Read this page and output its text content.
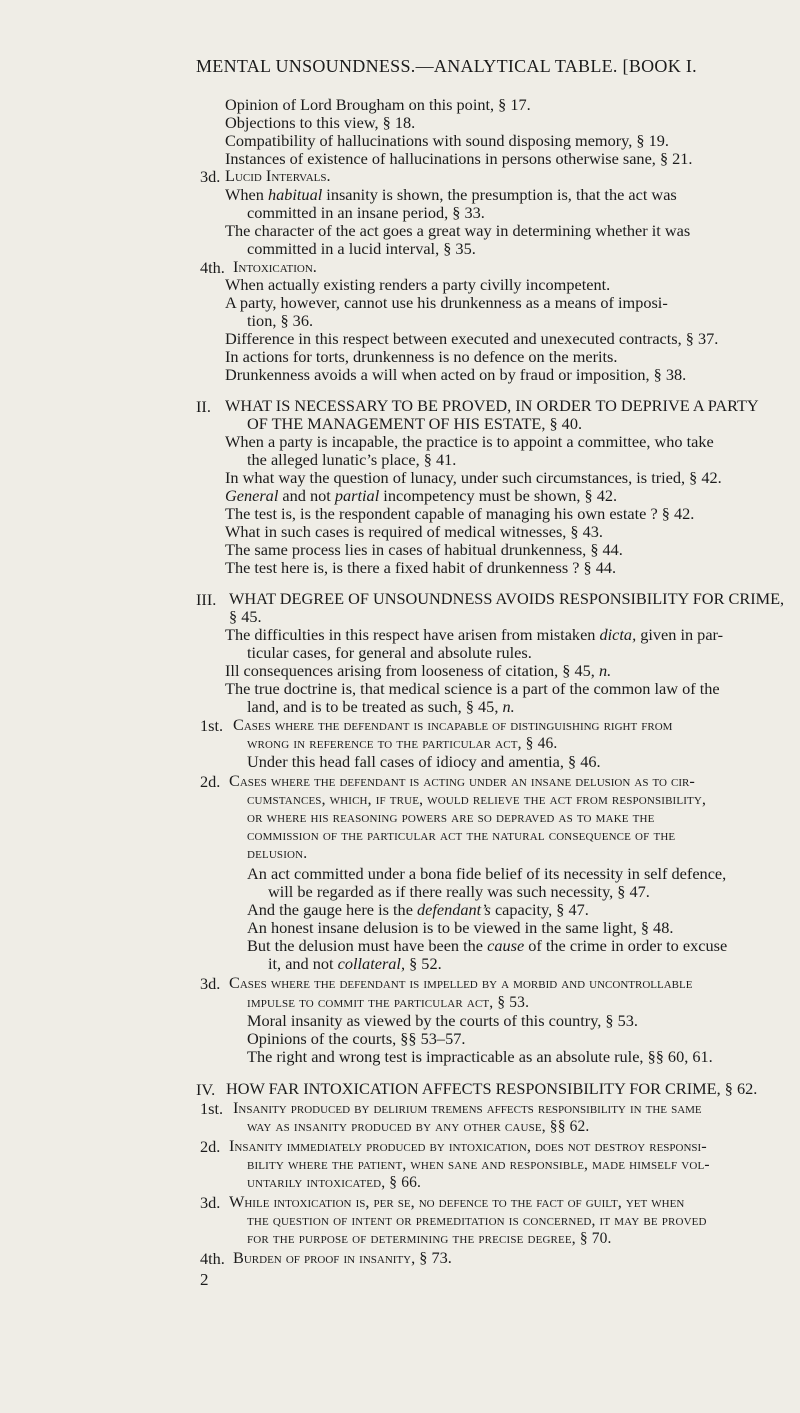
MENTAL UNSOUNDNESS.—ANALYTICAL TABLE. [BOOK I.
Opinion of Lord Brougham on this point, § 17.
Objections to this view, § 18.
Compatibility of hallucinations with sound disposing memory, § 19.
Instances of existence of hallucinations in persons otherwise sane, § 21.
3d. Lucid Intervals.
When habitual insanity is shown, the presumption is, that the act was
committed in an insane period, § 33.
The character of the act goes a great way in determining whether it was
committed in a lucid interval, § 35.
4th. Intoxication.
When actually existing renders a party civilly incompetent.
A party, however, cannot use his drunkenness as a means of imposi-
tion, § 36.
Difference in this respect between executed and unexecuted contracts, § 37.
In actions for torts, drunkenness is no defence on the merits.
Drunkenness avoids a will when acted on by fraud or imposition, § 38.
II. WHAT IS NECESSARY TO BE PROVED, IN ORDER TO DEPRIVE A PARTY
OF THE MANAGEMENT OF HIS ESTATE, § 40.
When a party is incapable, the practice is to appoint a committee, who take
the alleged lunatic’s place, § 41.
In what way the question of lunacy, under such circumstances, is tried, § 42.
General and not partial incompetency must be shown, § 42.
The test is, is the respondent capable of managing his own estate ? § 42.
What in such cases is required of medical witnesses, § 43.
The same process lies in cases of habitual drunkenness, § 44.
The test here is, is there a fixed habit of drunkenness ? § 44.
III. WHAT DEGREE OF UNSOUNDNESS AVOIDS RESPONSIBILITY FOR CRIME,
§ 45.
The difficulties in this respect have arisen from mistaken dicta, given in par-
ticular cases, for general and absolute rules.
Ill consequences arising from looseness of citation, § 45, n.
The true doctrine is, that medical science is a part of the common law of the
land, and is to be treated as such, § 45, n.
1st. Cases where the defendant is incapable of distinguishing right from
wrong in reference to the particular act, § 46.
Under this head fall cases of idiocy and amentia, § 46.
2d. Cases where the defendant is acting under an insane delusion as to cir-
cumstances, which, if true, would relieve the act from responsibility,
or where his reasoning powers are so depraved as to make the
commission of the particular act the natural consequence of the
delusion.
An act committed under a bona fide belief of its necessity in self defence,
will be regarded as if there really was such necessity, § 47.
And the gauge here is the defendant’s capacity, § 47.
An honest insane delusion is to be viewed in the same light, § 48.
But the delusion must have been the cause of the crime in order to excuse
it, and not collateral, § 52.
3d. Cases where the defendant is impelled by a morbid and uncontrollable
impulse to commit the particular act, § 53.
Moral insanity as viewed by the courts of this country, § 53.
Opinions of the courts, §§ 53–57.
The right and wrong test is impracticable as an absolute rule, §§ 60, 61.
IV. HOW FAR INTOXICATION AFFECTS RESPONSIBILITY FOR CRIME, § 62.
1st. Insanity produced by delirium tremens affects responsibility in the same
way as insanity produced by any other cause, §§ 62.
2d. Insanity immediately produced by intoxication, does not destroy responsi-
bility where the patient, when sane and responsible, made himself vol-
untarily intoxicated, § 66.
3d. While intoxication is, per se, no defence to the fact of guilt, yet when
the question of intent or premeditation is concerned, it may be proved
for the purpose of determining the precise degree, § 70.
4th. Burden of proof in insanity, § 73.
2
